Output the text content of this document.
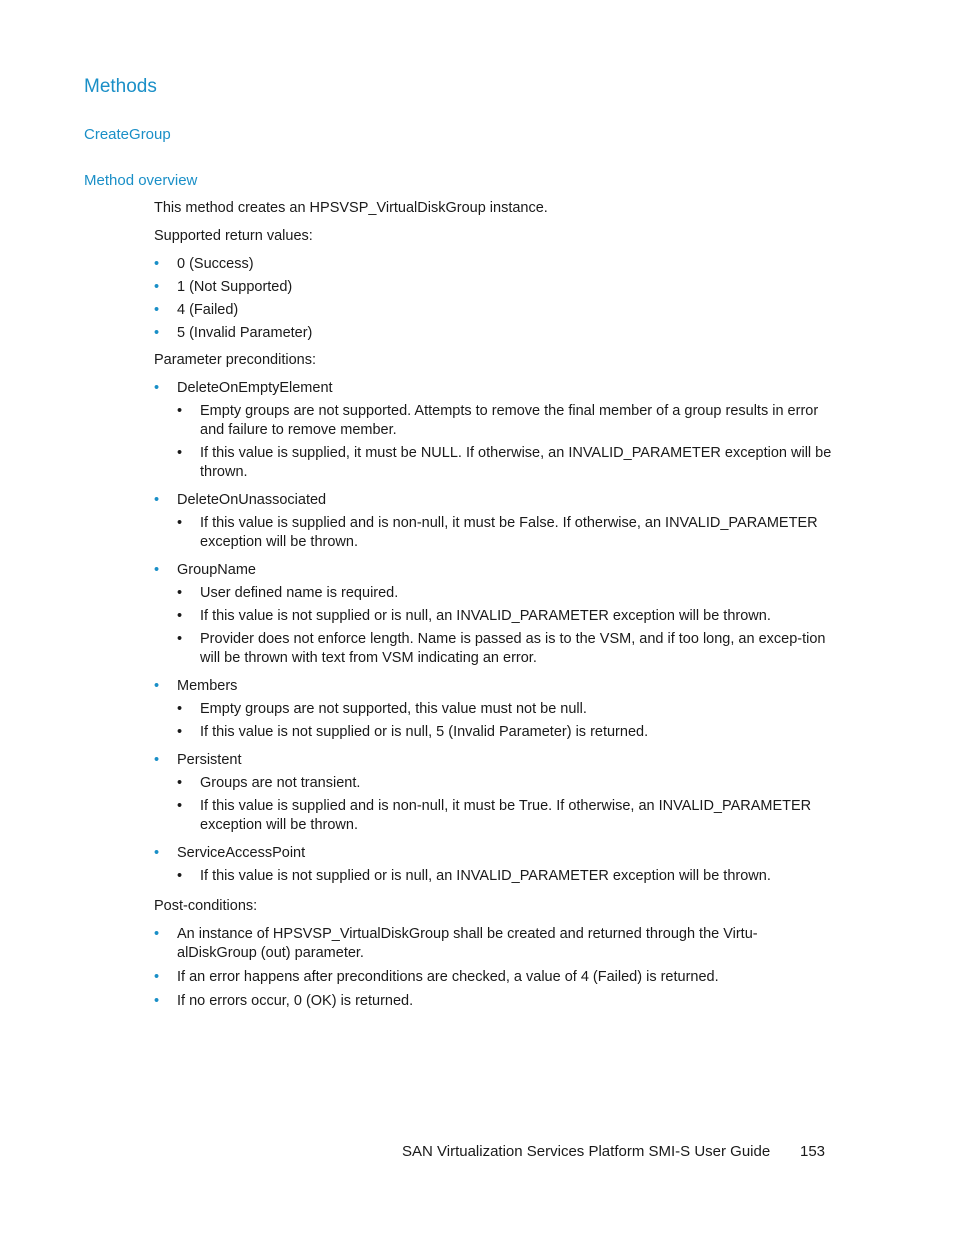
Methods
CreateGroup
Method overview

This method creates an HPSVSP_VirtualDiskGroup instance.

Supported return values:

• 0 (Success)
• 1 (Not Supported)
• 4 (Failed)
• 5 (Invalid Parameter)

Parameter preconditions:

• DeleteOnEmptyElement
• Empty groups are not supported. Attempts to remove the final member of a group results in error and failure to remove member.
• If this value is supplied, it must be NULL. If otherwise, an INVALID_PARAMETER exception will be thrown.
• DeleteOnUnassociated
• If this value is supplied and is non-null, it must be False. If otherwise, an INVALID_PARAMETER exception will be thrown.
• GroupName
• User defined name is required.
• If this value is not supplied or is null, an INVALID_PARAMETER exception will be thrown.
• Provider does not enforce length. Name is passed as is to the VSM, and if too long, an excep-tion will be thrown with text from VSM indicating an error.
• Members
• Empty groups are not supported, this value must not be null.
• If this value is not supplied or is null, 5 (Invalid Parameter) is returned.
• Persistent
• Groups are not transient.
• If this value is supplied and is non-null, it must be True. If otherwise, an INVALID_PARAMETER exception will be thrown.
• ServiceAccessPoint
• If this value is not supplied or is null, an INVALID_PARAMETER exception will be thrown.

Post-conditions:

• An instance of HPSVSP_VirtualDiskGroup shall be created and returned through the Virtu-alDiskGroup (out) parameter.
• If an error happens after preconditions are checked, a value of 4 (Failed) is returned.
• If no errors occur, 0 (OK) is returned.
SAN Virtualization Services Platform SMI-S User Guide 153
